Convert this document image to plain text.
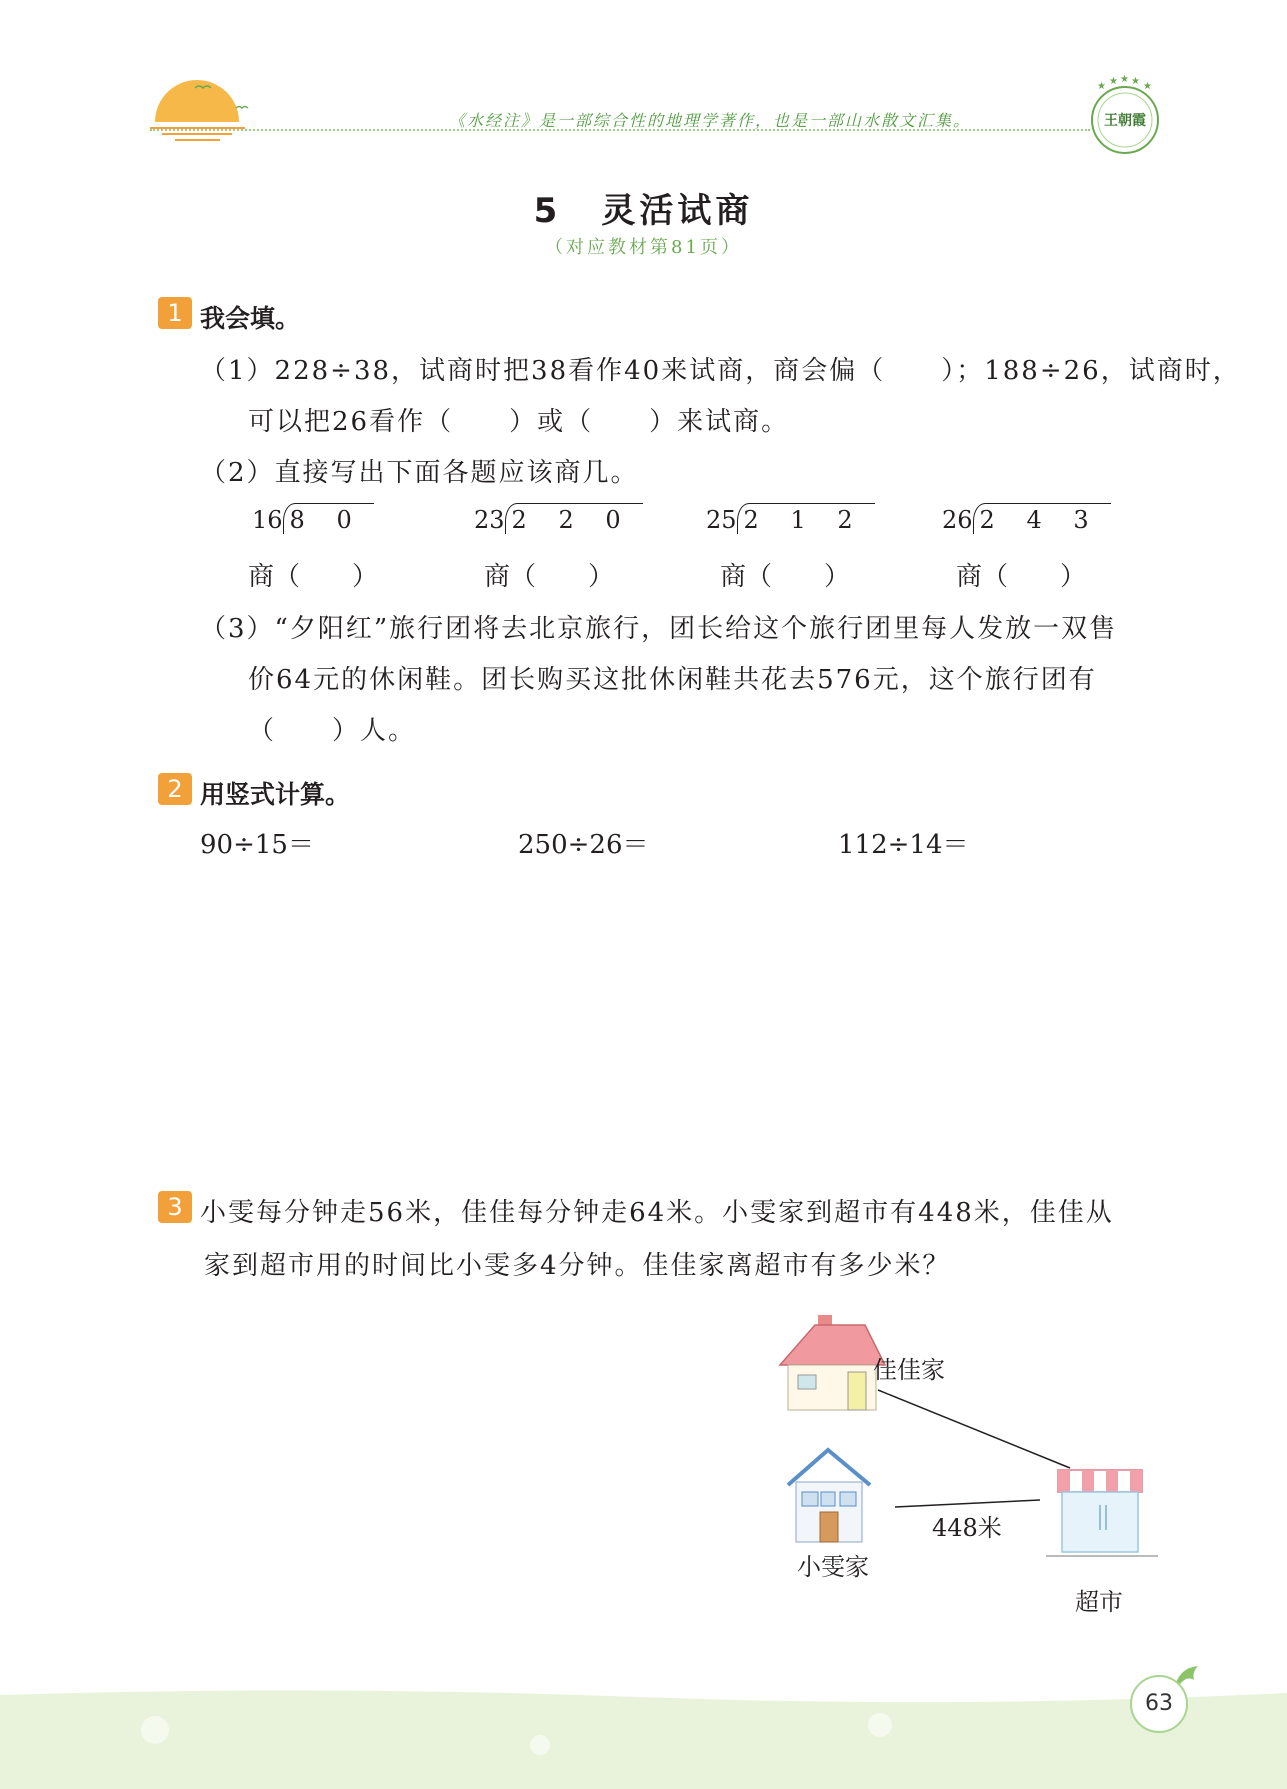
《水经注》是一部综合性的地理学著作，也是一部山水散文汇集。
★ ★ ★ ★ ★
王朝霞
5 灵活试商
（对应教材第81页）
1 我会填。
（1）228÷38，试商时把38看作40来试商，商会偏（　　）；188÷26，试商时，
可以把26看作（　　）或（　　）来试商。
（2）直接写出下面各题应该商几。
16 8 0	23 2 2 0	25 2 1 2	26 2 4 3
商（　　）	商（　　）	商（　　）	商（　　）
（3）“夕阳红”旅行团将去北京旅行，团长给这个旅行团里每人发放一双售
价64元的休闲鞋。团长购买这批休闲鞋共花去576元，这个旅行团有
（　　）人。
2 用竖式计算。
90÷15＝	250÷26＝	112÷14＝
3 小雯每分钟走56米，佳佳每分钟走64米。小雯家到超市有448米，佳佳从
家到超市用的时间比小雯多4分钟。佳佳家离超市有多少米？
佳佳家
448米
小雯家
超市
63
